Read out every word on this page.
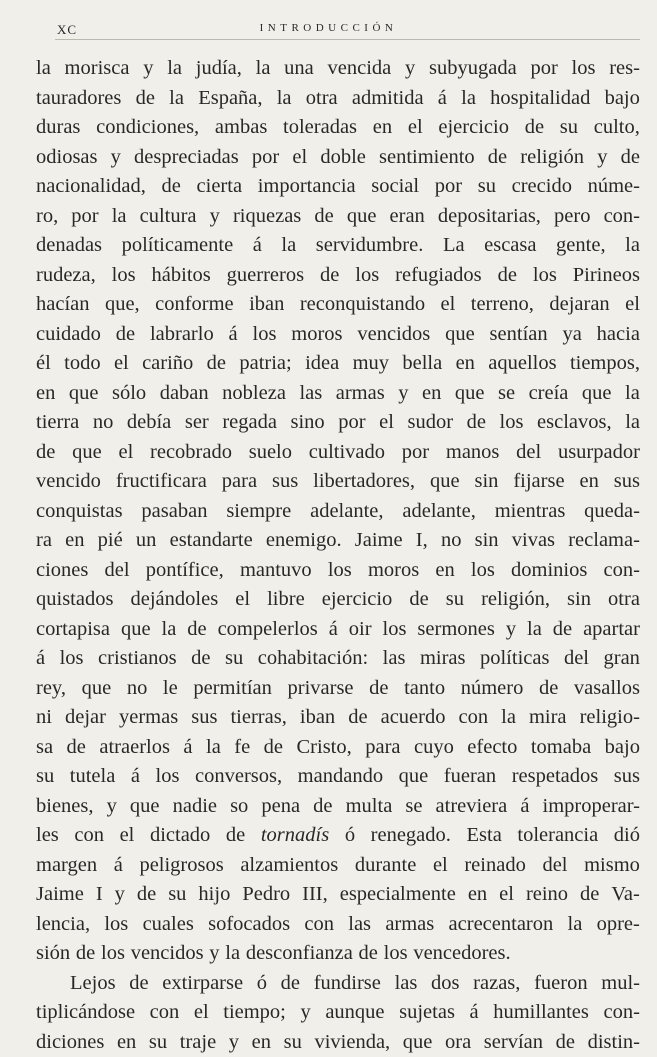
XC	INTRODUCCIÓN
la morisca y la judía, la una vencida y subyugada por los res-
tauradores de la España, la otra admitida á la hospitalidad bajo
duras condiciones, ambas toleradas en el ejercicio de su culto,
odiosas y despreciadas por el doble sentimiento de religión y de
nacionalidad, de cierta importancia social por su crecido núme-
ro, por la cultura y riquezas de que eran depositarias, pero con-
denadas políticamente á la servidumbre. La escasa gente, la
rudeza, los hábitos guerreros de los refugiados de los Pirineos
hacían que, conforme iban reconquistando el terreno, dejaran el
cuidado de labrarlo á los moros vencidos que sentían ya hacia
él todo el cariño de patria; idea muy bella en aquellos tiempos,
en que sólo daban nobleza las armas y en que se creía que la
tierra no debía ser regada sino por el sudor de los esclavos, la
de que el recobrado suelo cultivado por manos del usurpador
vencido fructificara para sus libertadores, que sin fijarse en sus
conquistas pasaban siempre adelante, adelante, mientras queda-
ra en pié un estandarte enemigo. Jaime I, no sin vivas reclama-
ciones del pontífice, mantuvo los moros en los dominios con-
quistados dejándoles el libre ejercicio de su religión, sin otra
cortapisa que la de compelerlos á oir los sermones y la de apartar
á los cristianos de su cohabitación: las miras políticas del gran
rey, que no le permitían privarse de tanto número de vasallos
ni dejar yermas sus tierras, iban de acuerdo con la mira religio-
sa de atraerlos á la fe de Cristo, para cuyo efecto tomaba bajo
su tutela á los conversos, mandando que fueran respetados sus
bienes, y que nadie so pena de multa se atreviera á improperar-
les con el dictado de tornadís ó renegado. Esta tolerancia dió
margen á peligrosos alzamientos durante el reinado del mismo
Jaime I y de su hijo Pedro III, especialmente en el reino de Va-
lencia, los cuales sofocados con las armas acrecentaron la opre-
sión de los vencidos y la desconfianza de los vencedores.
Lejos de extirparse ó de fundirse las dos razas, fueron mul-
tiplicándose con el tiempo; y aunque sujetas á humillantes con-
diciones en su traje y en su vivienda, que ora servían de distin-
